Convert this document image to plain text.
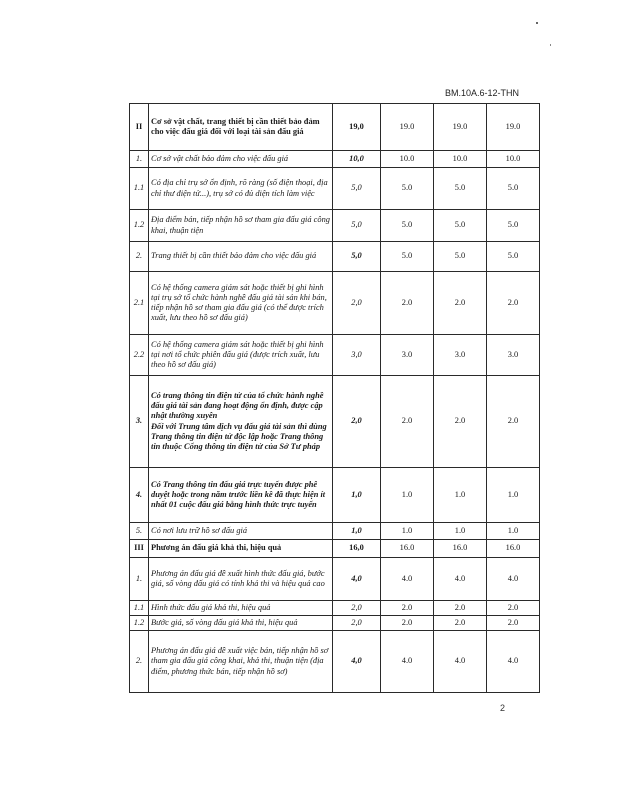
BM.10A.6-12-THN
II	Cơ sở vật chất, trang thiết bị cần thiết bảo đảm cho việc đấu giá đối với loại tài sản đấu giá	19,0	19.0	19.0	19.0
1.	Cơ sở vật chất bảo đảm cho việc đấu giá	10,0	10.0	10.0	10.0
1.1	Có địa chỉ trụ sở ổn định, rõ ràng (số điện thoại, địa chỉ thư điện tử...), trụ sở có đủ diện tích làm việc	5,0	5.0	5.0	5.0
1.2	Địa điểm bán, tiếp nhận hồ sơ tham gia đấu giá công khai, thuận tiện	5,0	5.0	5.0	5.0
2.	Trang thiết bị cần thiết bảo đảm cho việc đấu giá	5,0	5.0	5.0	5.0
2.1	Có hệ thống camera giám sát hoặc thiết bị ghi hình tại trụ sở tổ chức hành nghề đấu giá tài sản khi bán, tiếp nhận hồ sơ tham gia đấu giá (có thể được trích xuất, lưu theo hồ sơ đấu giá)	2,0	2.0	2.0	2.0
2.2	Có hệ thống camera giám sát hoặc thiết bị ghi hình tại nơi tổ chức phiên đấu giá (được trích xuất, lưu theo hồ sơ đấu giá)	3,0	3.0	3.0	3.0
3.	Có trang thông tin điện tử của tổ chức hành nghề đấu giá tài sản đang hoạt động ổn định, được cập nhật thường xuyên
Đối với Trung tâm dịch vụ đấu giá tài sản thì dùng Trang thông tin điện tử độc lập hoặc Trang thông tin thuộc Cổng thông tin điện tử của Sở Tư pháp	2,0	2.0	2.0	2.0
4.	Có Trang thông tin đấu giá trực tuyến được phê duyệt hoặc trong năm trước liền kề đã thực hiện ít nhất 01 cuộc đấu giá bằng hình thức trực tuyến	1,0	1.0	1.0	1.0
5.	Có nơi lưu trữ hồ sơ đấu giá	1,0	1.0	1.0	1.0
III	Phương án đấu giá khả thi, hiệu quả	16,0	16.0	16.0	16.0
1.	Phương án đấu giá đề xuất hình thức đấu giá, bước giá, số vòng đấu giá có tính khả thi và hiệu quả cao	4,0	4.0	4.0	4.0
1.1	Hình thức đấu giá khả thi, hiệu quả	2,0	2.0	2.0	2.0
1.2	Bước giá, số vòng đấu giá khả thi, hiệu quả	2,0	2.0	2.0	2.0
2.	Phương án đấu giá đề xuất việc bán, tiếp nhận hồ sơ tham gia đấu giá công khai, khả thi, thuận tiện (địa điểm, phương thức bán, tiếp nhận hồ sơ)	4,0	4.0	4.0	4.0
2
